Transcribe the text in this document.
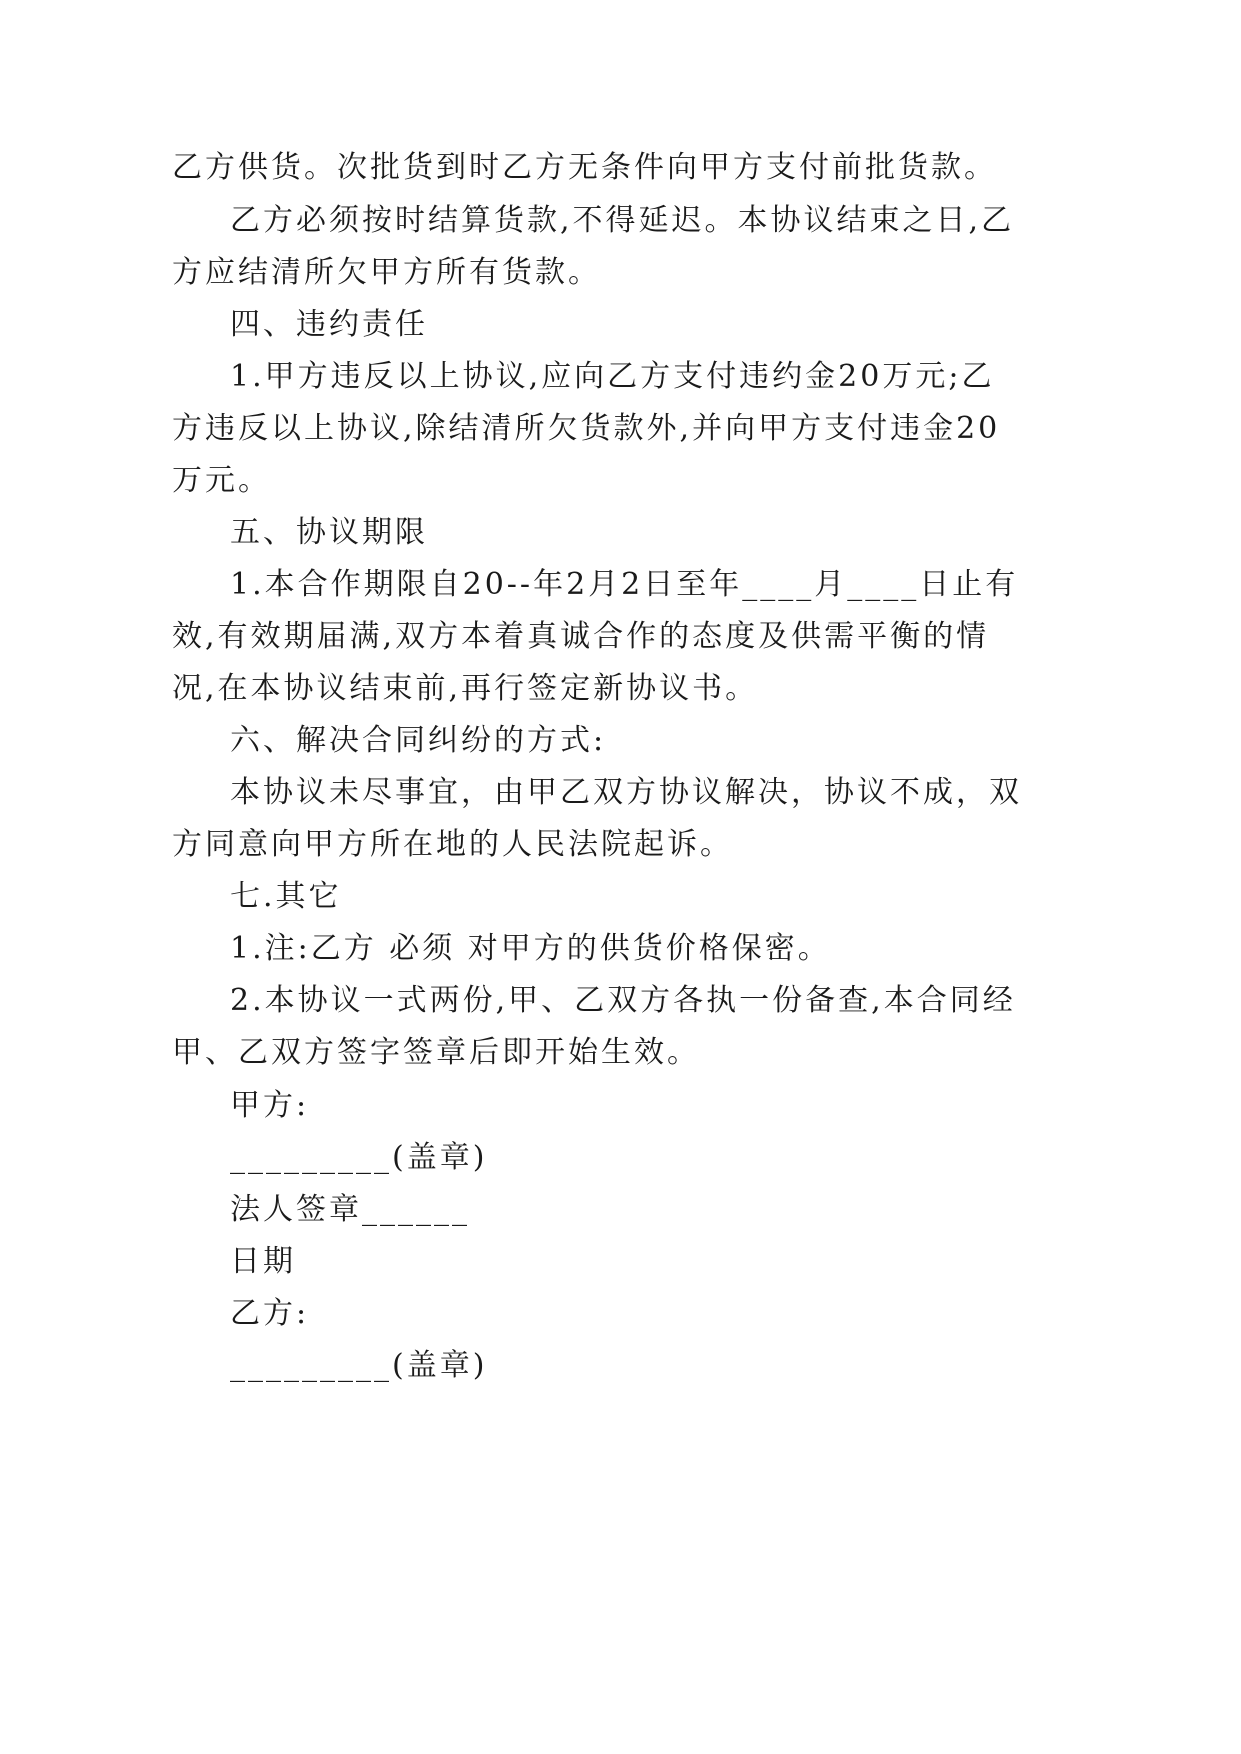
乙方供货。次批货到时乙方无条件向甲方支付前批货款。
乙方必须按时结算货款,不得延迟。本协议结束之日,乙
方应结清所欠甲方所有货款。
四、违约责任
1.甲方违反以上协议,应向乙方支付违约金20万元;乙
方违反以上协议,除结清所欠货款外,并向甲方支付违金20
万元。
五、协议期限
1.本合作期限自20--年2月2日至年____月____日止有
效,有效期届满,双方本着真诚合作的态度及供需平衡的情
况,在本协议结束前,再行签定新协议书。
六、解决合同纠纷的方式:
本协议未尽事宜，由甲乙双方协议解决，协议不成，双
方同意向甲方所在地的人民法院起诉。
七.其它
1.注:乙方 必须 对甲方的供货价格保密。
2.本协议一式两份,甲、乙双方各执一份备查,本合同经
甲、乙双方签字签章后即开始生效。
甲方:
_________(盖章)
法人签章______
日期
乙方:
_________(盖章)
